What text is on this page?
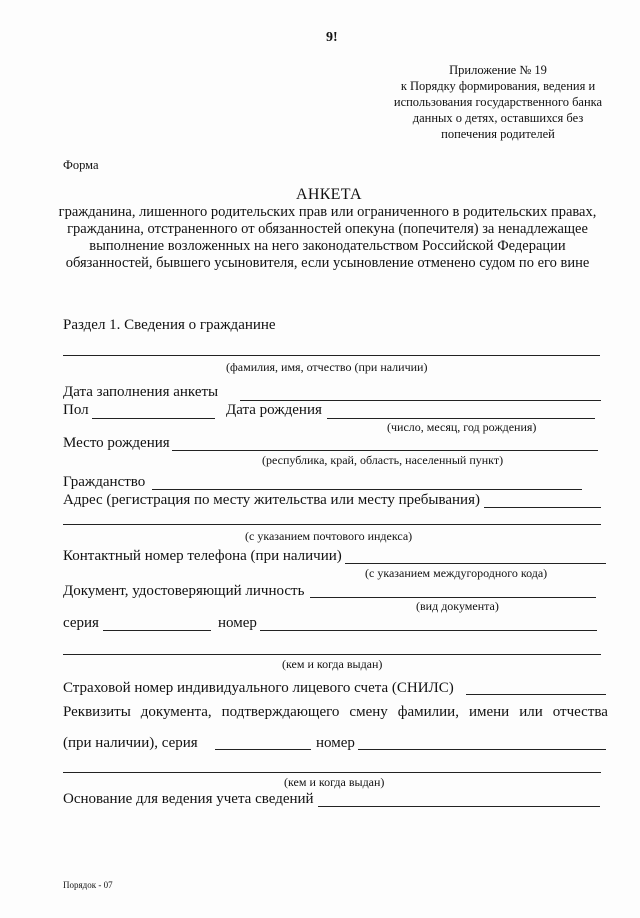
9!
Приложение № 19
к Порядку формирования, ведения и использования государственного банка данных о детях, оставшихся без попечения родителей
Форма
АНКЕТА
гражданина, лишенного родительских прав или ограниченного в родительских правах, гражданина, отстраненного от обязанностей опекуна (попечителя) за ненадлежащее выполнение возложенных на него законодательством Российской Федерации обязанностей, бывшего усыновителя, если усыновление отменено судом по его вине
Раздел 1. Сведения о гражданине
(фамилия, имя, отчество (при наличии)
Дата заполнения анкеты
Пол	Дата рождения
(число, месяц, год рождения)
Место рождения
(республика, край, область, населенный пункт)
Гражданство
Адрес (регистрация по месту жительства или месту пребывания)
(с указанием почтового индекса)
Контактный номер телефона (при наличии)
(с указанием междугородного кода)
Документ, удостоверяющий личность
(вид документа)
серия	номер
(кем и когда выдан)
Страховой номер индивидуального лицевого счета (СНИЛС)
Реквизиты документа, подтверждающего смену фамилии, имени или отчества
(при наличии), серия	номер
(кем и когда выдан)
Основание для ведения учета сведений
Порядок - 07
